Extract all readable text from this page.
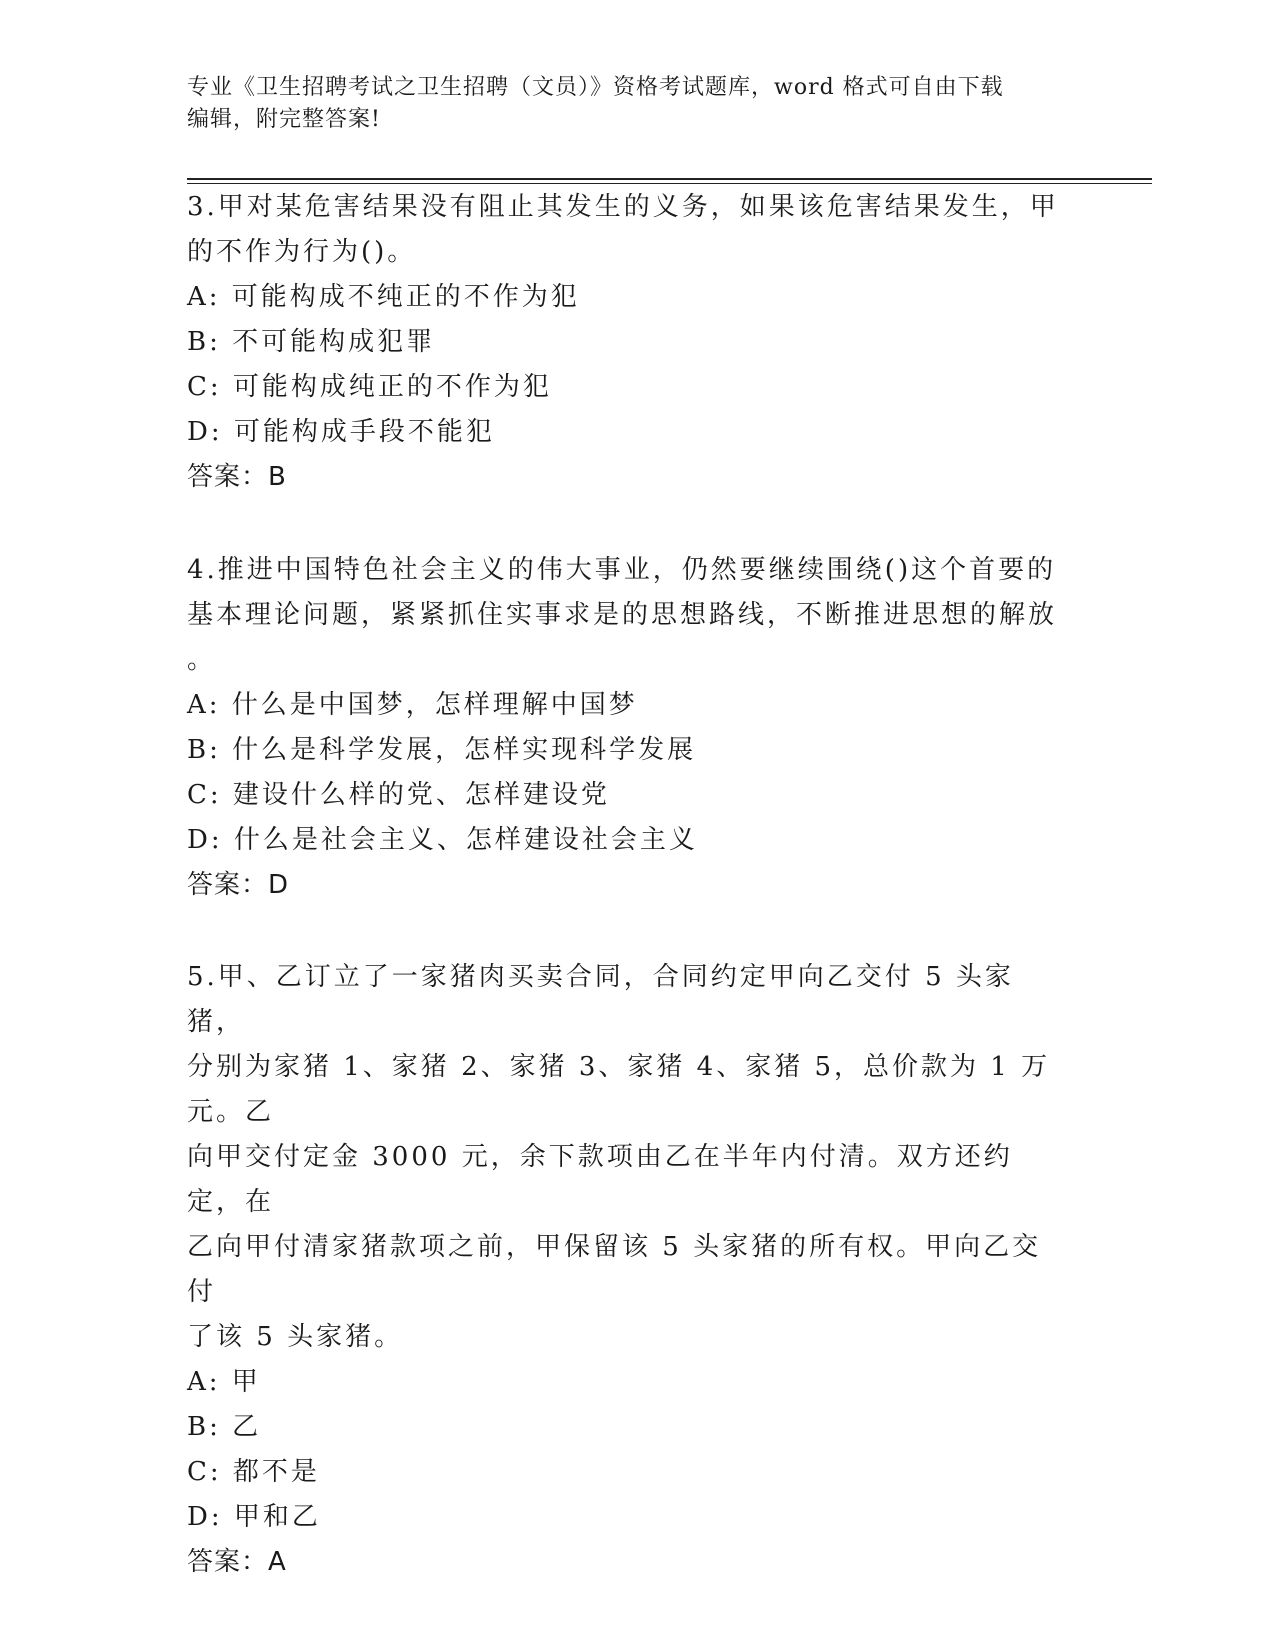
专业《卫生招聘考试之卫生招聘（文员）》资格考试题库，word 格式可自由下载
编辑，附完整答案!

3.甲对某危害结果没有阻止其发生的义务，如果该危害结果发生，甲

的不作为行为()。

A: 可能构成不纯正的不作为犯

B: 不可能构成犯罪

C: 可能构成纯正的不作为犯

D: 可能构成手段不能犯

答案：B

4.推进中国特色社会主义的伟大事业，仍然要继续围绕()这个首要的

基本理论问题，紧紧抓住实事求是的思想路线，不断推进思想的解放

。

A: 什么是中国梦，怎样理解中国梦

B: 什么是科学发展，怎样实现科学发展

C: 建设什么样的党、怎样建设党

D: 什么是社会主义、怎样建设社会主义

答案：D

5.甲、乙订立了一家猪肉买卖合同，合同约定甲向乙交付 5 头家猪，

分别为家猪 1、家猪 2、家猪 3、家猪 4、家猪 5，总价款为 1 万元。乙

向甲交付定金 3000 元，余下款项由乙在半年内付清。双方还约定，在

乙向甲付清家猪款项之前，甲保留该 5 头家猪的所有权。甲向乙交付

了该 5 头家猪。

A: 甲

B: 乙

C: 都不是

D: 甲和乙

答案：A
